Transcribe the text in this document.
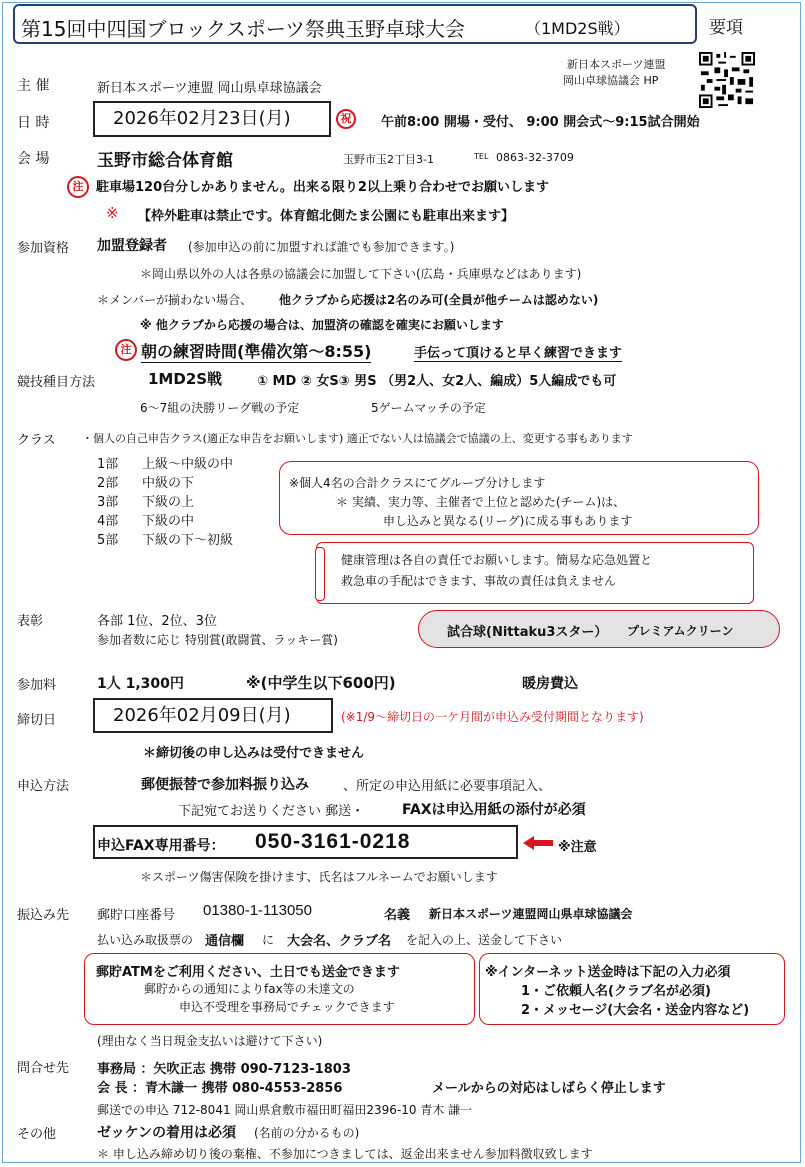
第15回中四国ブロックスポーツ祭典玉野卓球大会	（1MD2S戦）	要項
新日本スポーツ連盟
岡山卓球協議会 HP
主 催	新日本スポーツ連盟 岡山県卓球協議会
日 時	2026年02月23日(月)	祝	午前8:00 開場・受付、 9:00 開会式～9:15試合開始
会 場	玉野市総合体育館	玉野市玉2丁目3-1	TEL 0863-32-3709
注 駐車場120台分しかありません。出来る限り2以上乗り合わせでお願いします
※ 【枠外駐車は禁止です。体育館北側たま公園にも駐車出来ます】
参加資格 加盟登録者 (参加申込の前に加盟すれば誰でも参加できます。)
＊岡山県以外の人は各県の協議会に加盟して下さい(広島・兵庫県などはあります)
＊メンバーが揃わない場合、 他クラブから応援は2名のみ可(全員が他チームは認めない)
※ 他クラブから応援の場合は、加盟済の確認を確実にお願いします
注 朝の練習時間(準備次第～8:55)	手伝って頂けると早く練習できます
競技種目方法	1MD2S戦	① MD ② 女S③ 男S （男2人、女2人、編成）5人編成でも可
6～7組の決勝リーグ戦の予定	5ゲームマッチの予定
クラス ・個人の自己申告クラス(適正な申告をお願いします) 適正でない人は協議会で協議の上、変更する事もあります
1部 上級～中級の中
2部 中級の下
3部 下級の上
4部 下級の中
5部 下級の下～初級
※個人4名の合計クラスにてグループ分けします
＊ 実績、実力等、主催者で上位と認めた(チーム)は、
申し込みと異なる(リーグ)に成る事もあります
健康管理は各自の責任でお願いします。簡易な応急処置と
救急車の手配はできます、事故の責任は負えません
表彰	各部 1位、2位、3位
参加者数に応じ 特別賞(敢闘賞、ラッキー賞)	試合球(Nittaku3スター） プレミアムクリーン
参加料	1人 1,300円	※(中学生以下600円)	暖房費込
締切日	2026年02月09日(月)	(※1/9～締切日の一ケ月間が申込み受付期間となります)
＊締切後の申し込みは受付できません
申込方法	郵便振替で参加料振り込み	、所定の申込用紙に必要事項記入、
下記宛てお送りください 郵送・	FAXは申込用紙の添付が必須
申込FAX専用番号： 050-3161-0218	※注意
＊スポーツ傷害保険を掛けます、氏名はフルネームでお願いします
振込み先 郵貯口座番号 01380-1-113050	名義 新日本スポーツ連盟岡山県卓球協議会
払い込み取扱票の 通信欄 に 大会名、クラブ名 を記入の上、送金して下さい
郵貯ATMをご利用ください、土日でも送金できます
郵貯からの通知によりfax等の未達文の
申込不受理を事務局でチェックできます
※インターネット送金時は下記の入力必須
1・ご依頼人名(クラブ名が必須)
2・メッセージ(大会名・送金内容など)
(理由なく当日現金支払いは避けて下さい)
問合せ先 事務局 ：矢吹正志 携帯 090-7123-1803
会 長 ：青木謙一 携帯 080-4553-2856	メールからの対応はしばらく停止します
郵送での申込 712-8041 岡山県倉敷市福田町福田2396-10 青木 謙一
その他	ゼッケンの着用は必須 (名前の分かるもの)
＊ 申し込み締め切り後の棄権、不参加につきましては、返金出来ません参加料徴収致します
